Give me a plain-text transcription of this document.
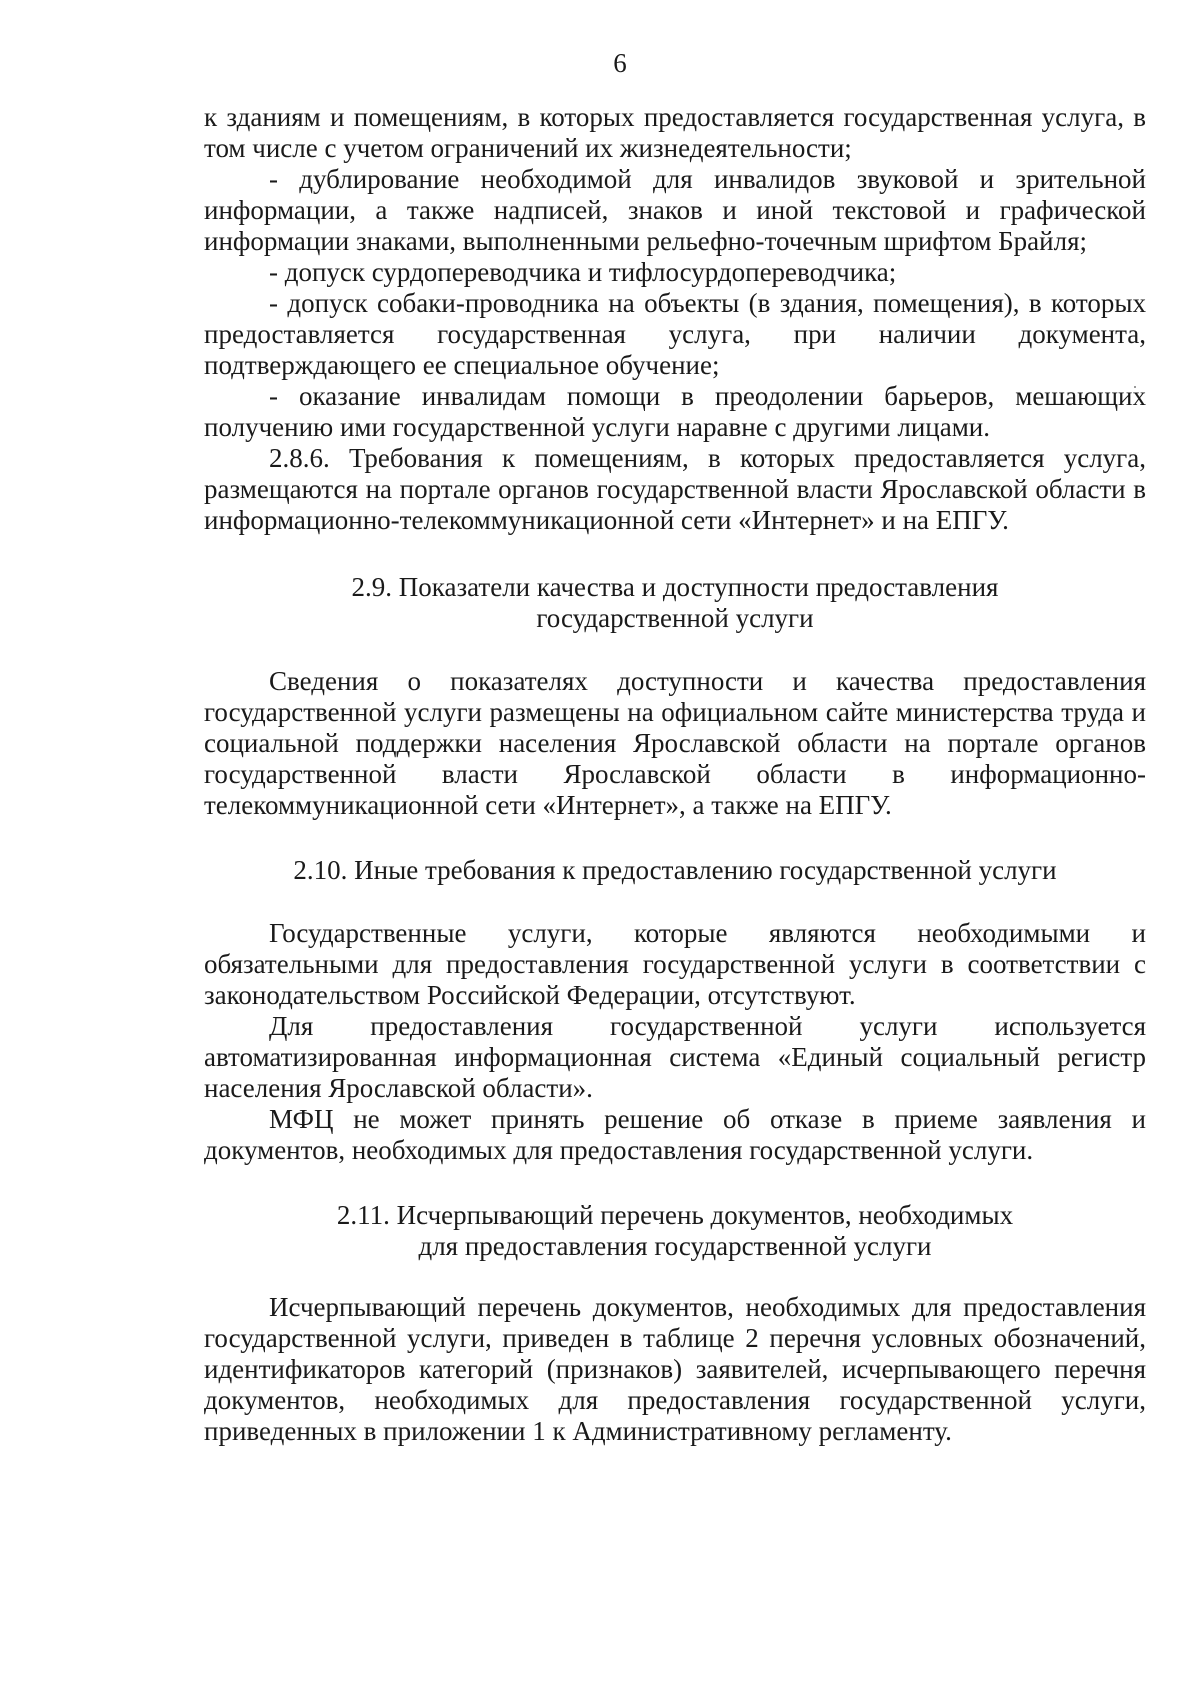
6

к зданиям и помещениям, в которых предоставляется государственная услуга, в том числе с учетом ограничений их жизнедеятельности;

- дублирование необходимой для инвалидов звуковой и зрительной информации, а также надписей, знаков и иной текстовой и графической информации знаками, выполненными рельефно-точечным шрифтом Брайля;

- допуск сурдопереводчика и тифлосурдопереводчика;

- допуск собаки-проводника на объекты (в здания, помещения), в которых предоставляется государственная услуга, при наличии документа, подтверждающего ее специальное обучение;

- оказание инвалидам помощи в преодолении барьеров, мешающих получению ими государственной услуги наравне с другими лицами.

2.8.6. Требования к помещениям, в которых предоставляется услуга, размещаются на портале органов государственной власти Ярославской области в информационно-телекоммуникационной сети «Интернет» и на ЕПГУ.

2.9. Показатели качества и доступности предоставления
государственной услуги

Сведения о показателях доступности и качества предоставления государственной услуги размещены на официальном сайте министерства труда и социальной поддержки населения Ярославской области на портале органов государственной власти Ярославской области в информационно-телекоммуникационной сети «Интернет», а также на ЕПГУ.

2.10. Иные требования к предоставлению государственной услуги

Государственные услуги, которые являются необходимыми и обязательными для предоставления государственной услуги в соответствии с законодательством Российской Федерации, отсутствуют.

Для предоставления государственной услуги используется автоматизированная информационная система «Единый социальный регистр населения Ярославской области».

МФЦ не может принять решение об отказе в приеме заявления и документов, необходимых для предоставления государственной услуги.

2.11. Исчерпывающий перечень документов, необходимых
для предоставления государственной услуги

Исчерпывающий перечень документов, необходимых для предоставления государственной услуги, приведен в таблице 2 перечня условных обозначений, идентификаторов категорий (признаков) заявителей, исчерпывающего перечня документов, необходимых для предоставления государственной услуги, приведенных в приложении 1 к Административному регламенту.
